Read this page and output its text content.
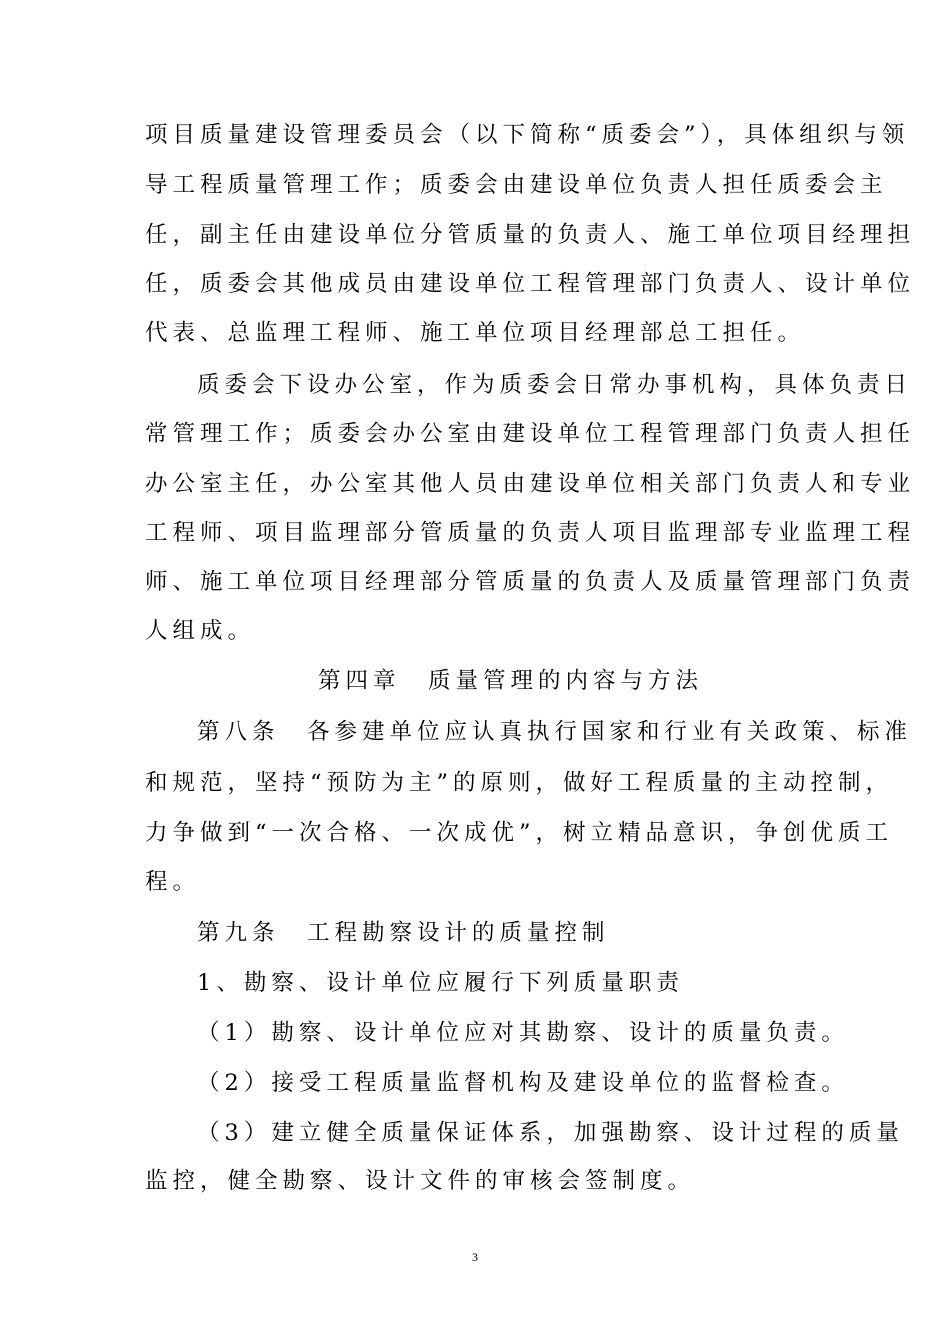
项目质量建设管理委员会（以下简称“质委会”），具体组织与领

导工程质量管理工作；质委会由建设单位负责人担任质委会主

任，副主任由建设单位分管质量的负责人、施工单位项目经理担

任，质委会其他成员由建设单位工程管理部门负责人、设计单位

代表、总监理工程师、施工单位项目经理部总工担任。

质委会下设办公室，作为质委会日常办事机构，具体负责日

常管理工作；质委会办公室由建设单位工程管理部门负责人担任

办公室主任，办公室其他人员由建设单位相关部门负责人和专业

工程师、项目监理部分管质量的负责人项目监理部专业监理工程

师、施工单位项目经理部分管质量的负责人及质量管理部门负责

人组成。

第四章　质量管理的内容与方法

第八条　各参建单位应认真执行国家和行业有关政策、标准

和规范，坚持“预防为主”的原则，做好工程质量的主动控制，

力争做到“一次合格、一次成优”，树立精品意识，争创优质工

程。

第九条　工程勘察设计的质量控制

1、勘察、设计单位应履行下列质量职责

（1）勘察、设计单位应对其勘察、设计的质量负责。

（2）接受工程质量监督机构及建设单位的监督检查。

（3）建立健全质量保证体系，加强勘察、设计过程的质量

监控，健全勘察、设计文件的审核会签制度。

3
